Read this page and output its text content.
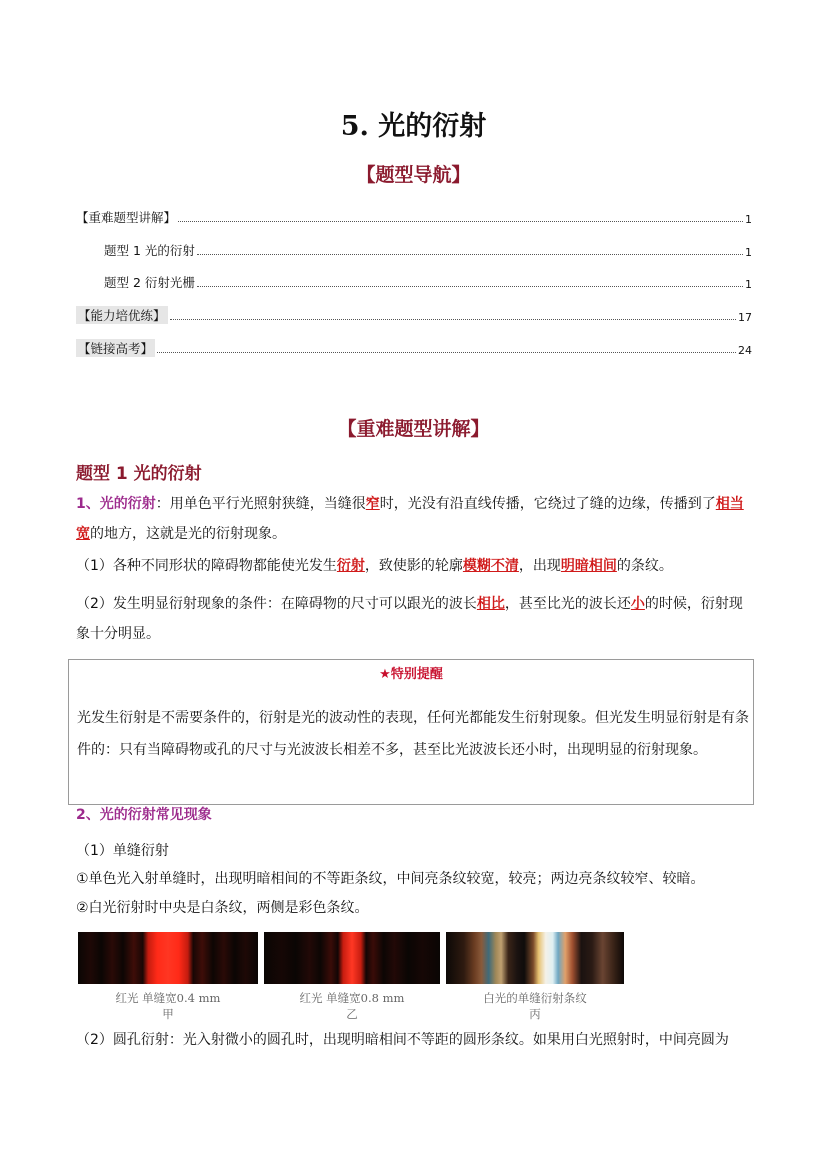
5. 光的衍射
【题型导航】
【重难题型讲解】	1
题型 1 光的衍射	1
题型 2 衍射光栅	1
【能力培优练】	17
【链接高考】	24
【重难题型讲解】
题型 1 光的衍射
1、光的衍射：用单色平行光照射狭缝，当缝很窄时，光没有沿直线传播，它绕过了缝的边缘，传播到了相当宽的地方，这就是光的衍射现象。
（1）各种不同形状的障碍物都能使光发生衍射，致使影的轮廓模糊不清，出现明暗相间的条纹。
（2）发生明显衍射现象的条件：在障碍物的尺寸可以跟光的波长相比，甚至比光的波长还小的时候，衍射现象十分明显。
★特别提醒
光发生衍射是不需要条件的，衍射是光的波动性的表现，任何光都能发生衍射现象。但光发生明显衍射是有条件的：只有当障碍物或孔的尺寸与光波波长相差不多，甚至比光波波长还小时，出现明显的衍射现象。
2、光的衍射常见现象
（1）单缝衍射
①单色光入射单缝时，出现明暗相间的不等距条纹，中间亮条纹较宽，较亮；两边亮条纹较窄、较暗。
②白光衍射时中央是白条纹，两侧是彩色条纹。
红光 单缝宽0.4 mm
甲
红光 单缝宽0.8 mm
乙
白光的单缝衍射条纹
丙
（2）圆孔衍射：光入射微小的圆孔时，出现明暗相间不等距的圆形条纹。如果用白光照射时，中间亮圆为
